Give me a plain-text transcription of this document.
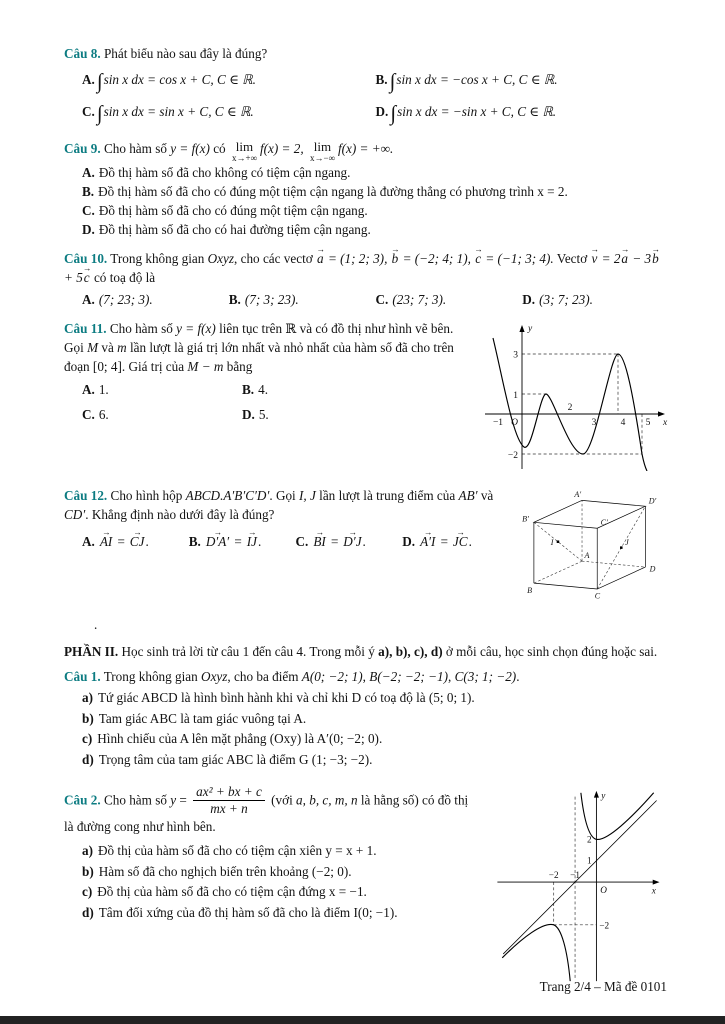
Câu 8. Phát biểu nào sau đây là đúng?

A.∫sin x dx = cos x + C, C ∈ ℝ.	B.∫sin x dx = −cos x + C, C ∈ ℝ.
C.∫sin x dx = sin x + C, C ∈ ℝ.	D.∫sin x dx = −sin x + C, C ∈ ℝ.

Câu 9. Cho hàm số y = f(x) có lim
x→+∞
f(x) = 2, lim
x→−∞
f(x) = +∞.

A. Đồ thị hàm số đã cho không có tiệm cận ngang.

B. Đồ thị hàm số đã cho có đúng một tiệm cận ngang là đường thẳng có phương trình x = 2.

C. Đồ thị hàm số đã cho có đúng một tiệm cận ngang.

D. Đồ thị hàm số đã cho có hai đường tiệm cận ngang.

Câu 10. Trong không gian Oxyz, cho các vectơ a → = (1; 2; 3), b → = (−2; 4; 1), c → = (−1; 3; 4). Vectơ v → = 2a → − 3b → + 5c → có toạ độ là

A. (7; 23; 3).	B. (7; 3; 23).	C. (23; 7; 3).	D. (3; 7; 23).

Câu 11. Cho hàm số y = f(x) liên tục trên ℝ và có đồ thị như hình vẽ bên. Gọi M và m lần lượt là giá trị lớn nhất và nhỏ nhất của hàm số đã cho trên đoạn [0; 4]. Giá trị của M − m bằng

A. 1.	B. 4.
C. 6.	D. 5.
y
x
O
3
1
−2
−1
2
3	4 5

Câu 12. Cho hình hộp ABCD.A′B′C′D′. Gọi I, J lần lượt là trung điểm của AB′ và CD′. Khẳng định nào dưới đây là đúng?

A. AI → = CJ →.	B. D′A′ → = IJ →.	C. BI → = D′J →.	D. A′I → = JC →.
A′
D′
B′	C′
I	J
A
D
B
C

.

PHẦN II. Học sinh trả lời từ câu 1 đến câu 4. Trong mỗi ý a), b), c), d) ở mỗi câu, học sinh chọn đúng hoặc sai.

Câu 1. Trong không gian Oxyz, cho ba điểm A(0; −2; 1), B(−2; −2; −1), C(3; 1; −2).

a) Tứ giác ABCD là hình bình hành khi và chỉ khi D có toạ độ là (5; 0; 1).

b) Tam giác ABC là tam giác vuông tại A.

c) Hình chiếu của A lên mặt phẳng (Oxy) là A′(0; −2; 0).

d) Trọng tâm của tam giác ABC là điểm G (1; −3; −2).

Câu 2. Cho hàm số $y = \frac{\text{ax² + bx + c}}{mx + n}$ (với a, b, c, m, n là hằng số) có đồ thị là đường cong như hình bên.

a) Đồ thị của hàm số đã cho có tiệm cận xiên y = x + 1.

b) Hàm số đã cho nghịch biến trên khoảng (−2; 0).

c) Đồ thị của hàm số đã cho có tiệm cận đứng x = −1.

d) Tâm đối xứng của đồ thị hàm số đã cho là điểm I(0; −1).

y
x
O
−2 −1
2
1
−2
Trang 2/4 – Mã đề 0101
